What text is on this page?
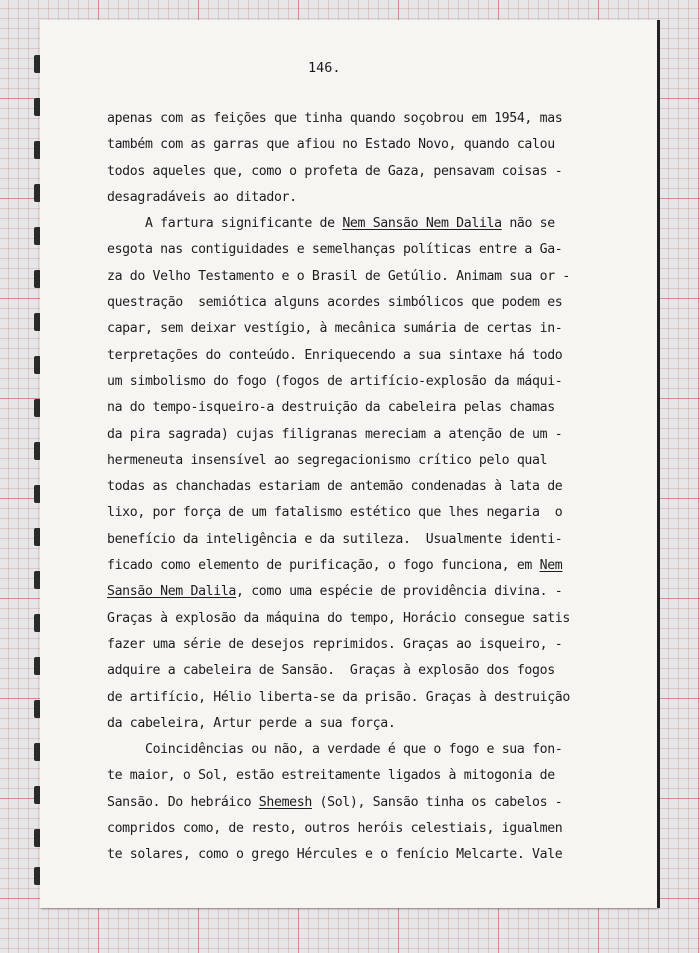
146.
apenas com as feições que tinha quando soçobrou em 1954, mas
também com as garras que afiou no Estado Novo, quando calou
todos aqueles que, como o profeta de Gaza, pensavam coisas -
desagradáveis ao ditador.
A fartura significante de Nem Sansão Nem Dalila não se
esgota nas contiguidades e semelhanças políticas entre a Ga-
za do Velho Testamento e o Brasil de Getúlio. Animam sua or -
questração  semiótica alguns acordes simbólicos que podem es
capar, sem deixar vestígio, à mecânica sumária de certas in-
terpretações do conteúdo. Enriquecendo a sua sintaxe há todo
um simbolismo do fogo (fogos de artifício-explosão da máqui-
na do tempo-isqueiro-a destruição da cabeleira pelas chamas
da pira sagrada) cujas filigranas mereciam a atenção de um -
hermeneuta insensível ao segregacionismo crítico pelo qual
todas as chanchadas estariam de antemão condenadas à lata de
lixo, por força de um fatalismo estético que lhes negaria  o
benefício da inteligência e da sutileza.  Usualmente identi-
ficado como elemento de purificação, o fogo funciona, em Nem
Sansão Nem Dalila, como uma espécie de providência divina. -
Graças à explosão da máquina do tempo, Horácio consegue satis
fazer uma série de desejos reprimidos. Graças ao isqueiro, -
adquire a cabeleira de Sansão.  Graças à explosão dos fogos
de artifício, Hélio liberta-se da prisão. Graças à destruição
da cabeleira, Artur perde a sua força.
Coincidências ou não, a verdade é que o fogo e sua fon-
te maior, o Sol, estão estreitamente ligados à mitogonia de
Sansão. Do hebráico Shemesh (Sol), Sansão tinha os cabelos -
compridos como, de resto, outros heróis celestiais, igualmen
te solares, como o grego Hércules e o fenício Melcarte. Vale
